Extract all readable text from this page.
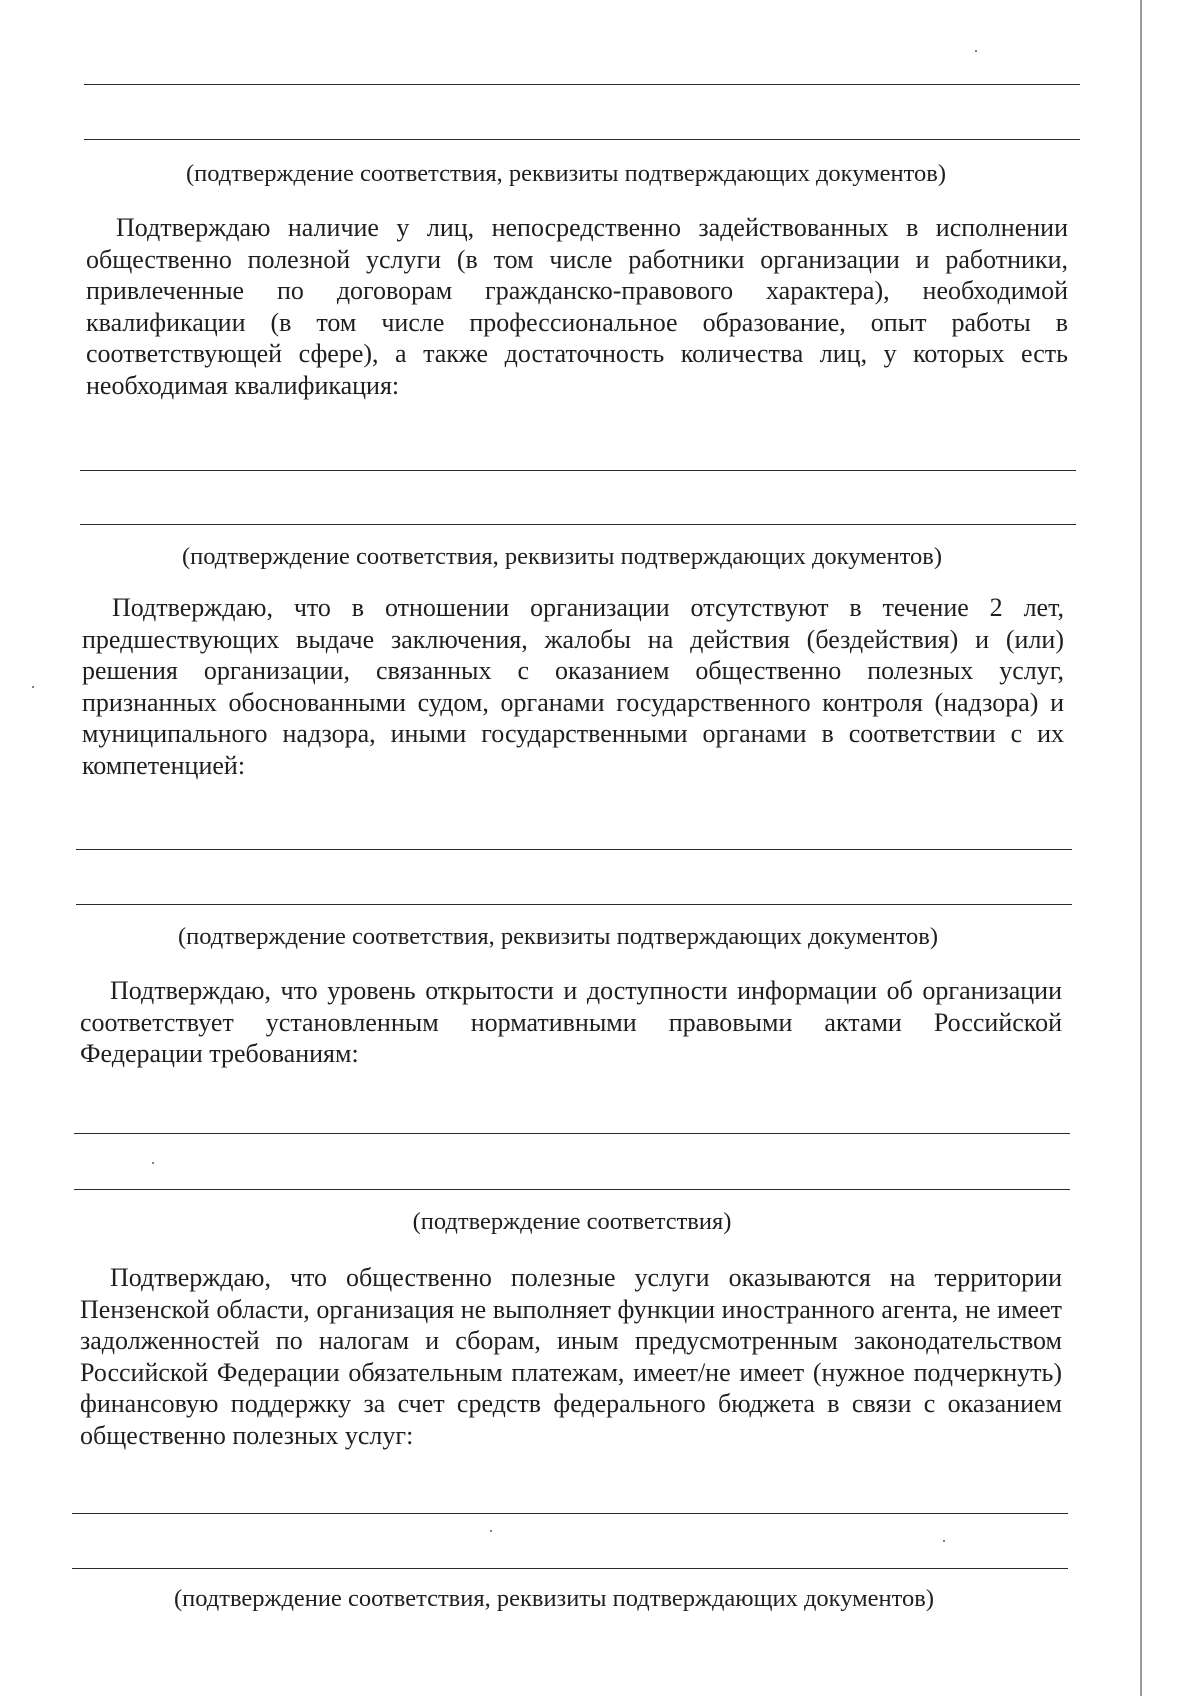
(подтверждение соответствия, реквизиты подтверждающих документов)
Подтверждаю наличие у лиц, непосредственно задействованных в исполнении общественно полезной услуги (в том числе работники организации и работники, привлеченные по договорам гражданско-правового характера), необходимой квалификации (в том числе профессиональное образование, опыт работы в соответствующей сфере), а также достаточность количества лиц, у которых есть необходимая квалификация:
(подтверждение соответствия, реквизиты подтверждающих документов)
Подтверждаю, что в отношении организации отсутствуют в течение 2 лет, предшествующих выдаче заключения, жалобы на действия (бездействия) и (или) решения организации, связанных с оказанием общественно полезных услуг, признанных обоснованными судом, органами государственного контроля (надзора) и муниципального надзора, иными государственными органами в соответствии с их компетенцией:
(подтверждение соответствия, реквизиты подтверждающих документов)
Подтверждаю, что уровень открытости и доступности информации об организации соответствует установленным нормативными правовыми актами Российской Федерации требованиям:
(подтверждение соответствия)
Подтверждаю, что общественно полезные услуги оказываются на территории Пензенской области, организация не выполняет функции иностранного агента, не имеет задолженностей по налогам и сборам, иным предусмотренным законодательством Российской Федерации обязательным платежам, имеет/не имеет (нужное подчеркнуть) финансовую поддержку за счет средств федерального бюджета в связи с оказанием общественно полезных услуг:
(подтверждение соответствия, реквизиты подтверждающих документов)
